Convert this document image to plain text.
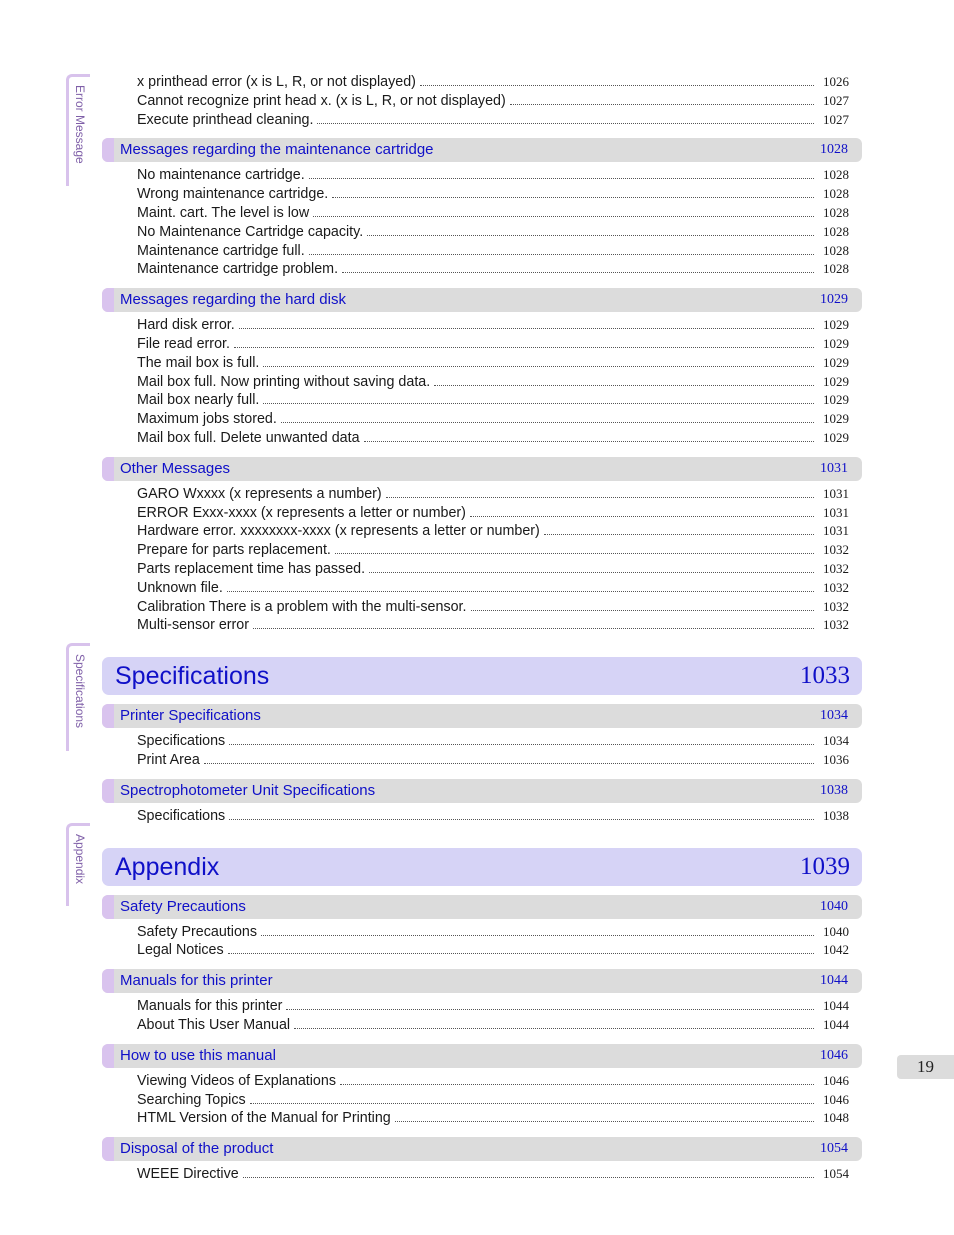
Error Message
Specifications
Appendix
x printhead error (x is L, R, or not displayed)	1026
Cannot recognize print head x. (x is L, R, or not displayed)	1027
Execute printhead cleaning.	1027
Messages regarding the maintenance cartridge	1028
No maintenance cartridge.	1028
Wrong maintenance cartridge.	1028
Maint. cart. The level is low	1028
No Maintenance Cartridge capacity.	1028
Maintenance cartridge full.	1028
Maintenance cartridge problem.	1028
Messages regarding the hard disk	1029
Hard disk error.	1029
File read error.	1029
The mail box is full.	1029
Mail box full. Now printing without saving data.	1029
Mail box nearly full.	1029
Maximum jobs stored.	1029
Mail box full. Delete unwanted data	1029
Other Messages	1031
GARO Wxxxx (x represents a number)	1031
ERROR Exxx-xxxx (x represents a letter or number)	1031
Hardware error. xxxxxxxx-xxxx (x represents a letter or number)	1031
Prepare for parts replacement.	1032
Parts replacement time has passed.	1032
Unknown file.	1032
Calibration There is a problem with the multi-sensor.	1032
Multi-sensor error	1032
Specifications	1033
Printer Specifications	1034
Specifications	1034
Print Area	1036
Spectrophotometer Unit Specifications	1038
Specifications	1038
Appendix	1039
Safety Precautions	1040
Safety Precautions	1040
Legal Notices	1042
Manuals for this printer	1044
Manuals for this printer	1044
About This User Manual	1044
How to use this manual	1046
Viewing Videos of Explanations	1046
Searching Topics	1046
HTML Version of the Manual for Printing	1048
Disposal of the product	1054
WEEE Directive	1054
19
